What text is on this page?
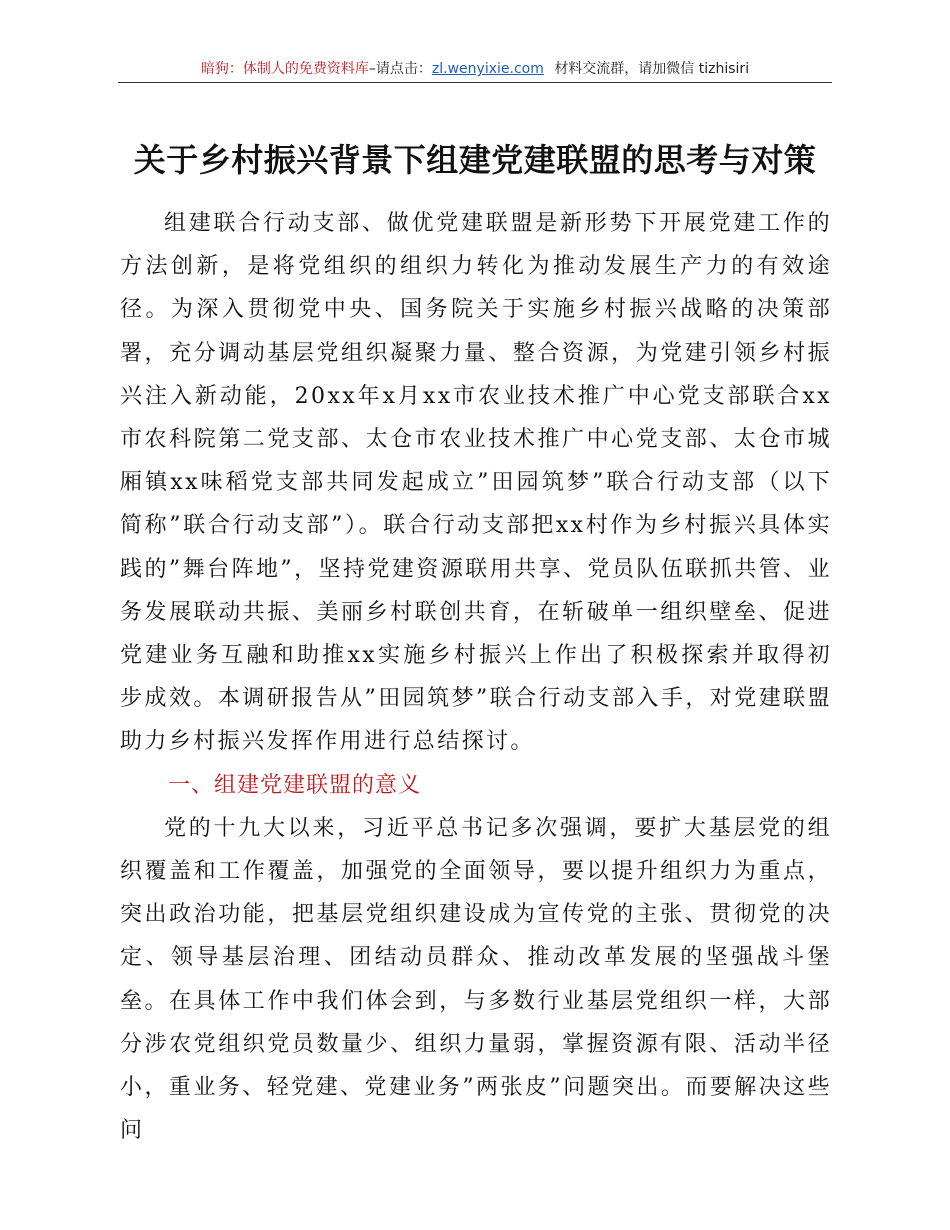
暗狗：体制人的免费资料库–请点击：zl.wenyixie.com 材料交流群，请加微信 tizhisiri
关于乡村振兴背景下组建党建联盟的思考与对策

组建联合行动支部、做优党建联盟是新形势下开展党建工作的方法创新，是将党组织的组织力转化为推动发展生产力的有效途径。为深入贯彻党中央、国务院关于实施乡村振兴战略的决策部署，充分调动基层党组织凝聚力量、整合资源，为党建引领乡村振兴注入新动能，20xx年x月xx市农业技术推广中心党支部联合xx市农科院第二党支部、太仓市农业技术推广中心党支部、太仓市城厢镇xx味稻党支部共同发起成立”田园筑梦”联合行动支部（以下简称”联合行动支部”）。联合行动支部把xx村作为乡村振兴具体实践的”舞台阵地”，坚持党建资源联用共享、党员队伍联抓共管、业务发展联动共振、美丽乡村联创共育，在斩破单一组织壁垒、促进党建业务互融和助推xx实施乡村振兴上作出了积极探索并取得初步成效。本调研报告从”田园筑梦”联合行动支部入手，对党建联盟助力乡村振兴发挥作用进行总结探讨。

一、组建党建联盟的意义

党的十九大以来，习近平总书记多次强调，要扩大基层党的组织覆盖和工作覆盖，加强党的全面领导，要以提升组织力为重点，突出政治功能，把基层党组织建设成为宣传党的主张、贯彻党的决定、领导基层治理、团结动员群众、推动改革发展的坚强战斗堡垒。在具体工作中我们体会到，与多数行业基层党组织一样，大部分涉农党组织党员数量少、组织力量弱，掌握资源有限、活动半径小，重业务、轻党建、党建业务”两张皮”问题突出。而要解决这些问
